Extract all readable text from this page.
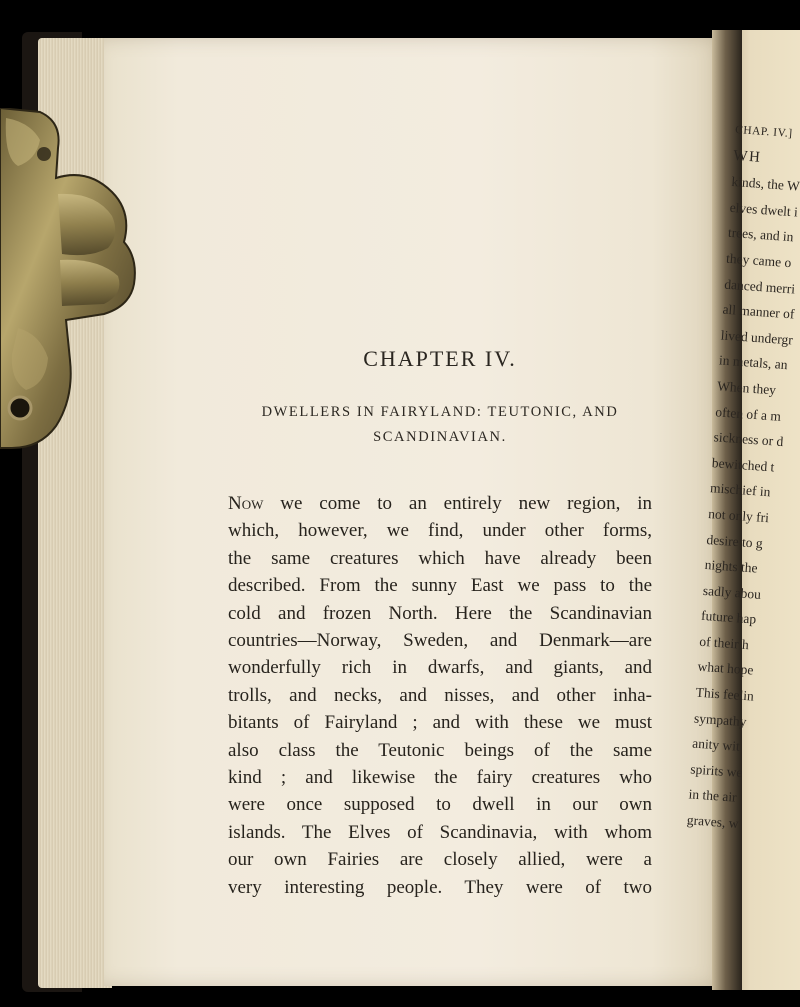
CHAPTER IV.
DWELLERS IN FAIRYLAND: TEUTONIC, AND
SCANDINAVIAN.
Now we come to an entirely new region, in
which, however, we find, under other forms,
the same creatures which have already been
described. From the sunny East we pass to the
cold and frozen North. Here the Scandinavian
countries—Norway, Sweden, and Denmark—are
wonderfully rich in dwarfs, and giants, and
trolls, and necks, and nisses, and other inha-
bitants of Fairyland ; and with these we must
also class the Teutonic beings of the same
kind ; and likewise the fairy creatures who
were once supposed to dwell in our own
islands. The Elves of Scandinavia, with whom
our own Fairies are closely allied, were a
very interesting people. They were of two
CHAP. IV.]
WH
kinds, the W
elves dwelt i
trees, and in
they came o
danced merri
all manner of
lived undergr
in metals, an
When they
often of a m
sickness or d
bewitched t
mischief in
not only fri
desire to g
nights the
sadly abou
future hap
of their h
what hope
This feelin
sympathy
anity wit
spirits we
in the air
graves, w
